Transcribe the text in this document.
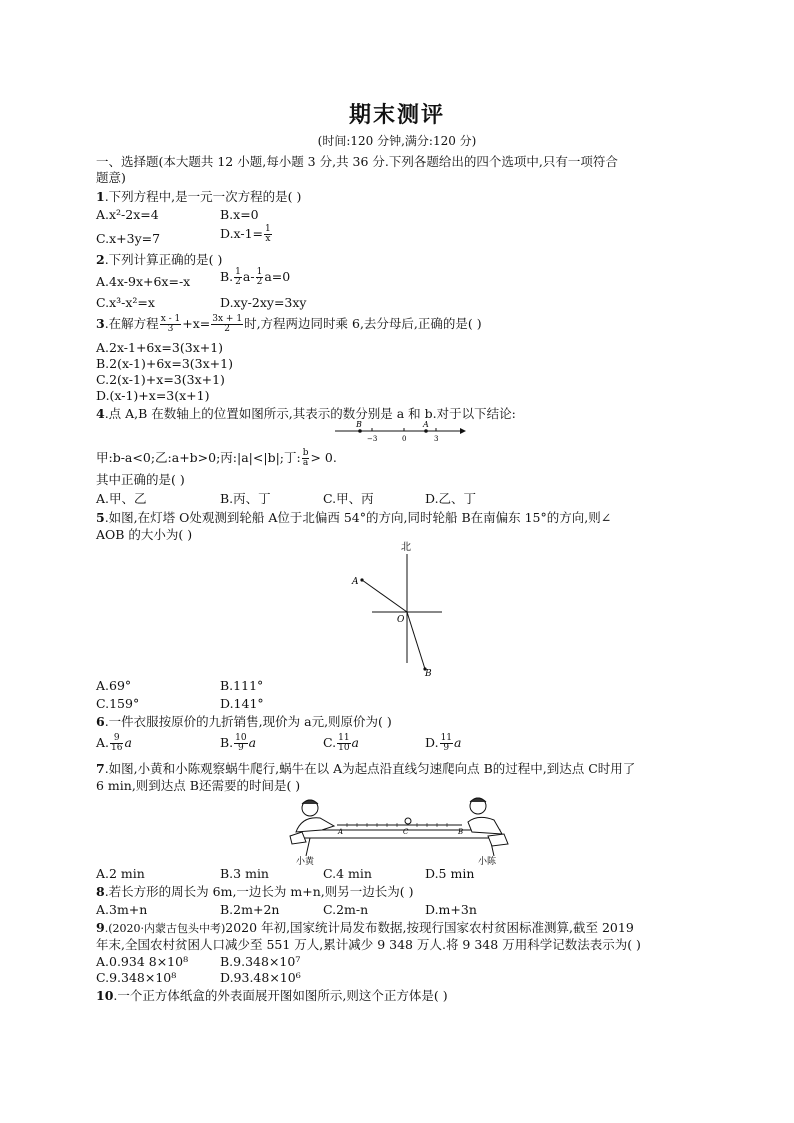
期末测评
(时间:120 分钟,满分:120 分)
一、选择题(本大题共 12 小题,每小题 3 分,共 36 分.下列各题给出的四个选项中,只有一项符合
题意)
1.下列方程中,是一元一次方程的是( )
A.x²-2x=4	B.x=0
C.x+3y=7	$D.x-1= \frac{1}{x}$
2.下列计算正确的是( )
A.4x-9x+6x=-x B. $\frac{1}{2} a- \frac{1}{2} a=0$
C.x³-x²=x	D.xy-2xy=3xy
3.在解方程 $\frac{x - 1}{3} +x= \frac{3x + 1}{2}$ 时,方程两边同时乘 6,去分母后,正确的是( )
A.2x-1+6x=3(3x+1)
B.2(x-1)+6x=3(3x+1)
C.2(x-1)+x=3(3x+1)
D.(x-1)+x=3(x+1)
4.点 A,B 在数轴上的位置如图所示,其表示的数分别是 a 和 b.对于以下结论:
B	A
−3	0	3
甲:b-a<0;乙:a+b>0;丙:|a|<|b|;丁: $\frac{b}{a} > 0$.
其中正确的是( )
A.甲、乙	B.丙、丁	C.甲、丙	D.乙、丁
5.如图,在灯塔 O处观测到轮船 A位于北偏西 54°的方向,同时轮船 B在南偏东 15°的方向,则∠
AOB 的大小为( )
北
A
O
B
A.69°	B.111°
C.159°	D.141°
6.一件衣服按原价的九折销售,现价为 a元,则原价为( )
A. $\frac{9}{16}$ a	B. $\frac{10}{9}$ a	C. $\frac{11}{10}$ a	D. $\frac{11}{9}$ a
7.如图,小黄和小陈观察蜗牛爬行,蜗牛在以 A为起点沿直线匀速爬向点 B的过程中,到达点 C时用了
6 min,则到达点 B还需要的时间是( )
A	C	B
小黄	小陈
A.2 min	B.3 min	C.4 min	D.5 min
8.若长方形的周长为 6m,一边长为 m+n,则另一边长为( )
A.3m+n	B.2m+2n	C.2m-n	D.m+3n
9.(2020·内蒙古包头中考)2020 年初,国家统计局发布数据,按现行国家农村贫困标准测算,截至 2019
年末,全国农村贫困人口减少至 551 万人,累计减少 9 348 万人.将 9 348 万用科学记数法表示为( )
A.0.934 8×10⁸	B.9.348×10⁷
C.9.348×10⁸	D.93.48×10⁶
10.一个正方体纸盒的外表面展开图如图所示,则这个正方体是( )
